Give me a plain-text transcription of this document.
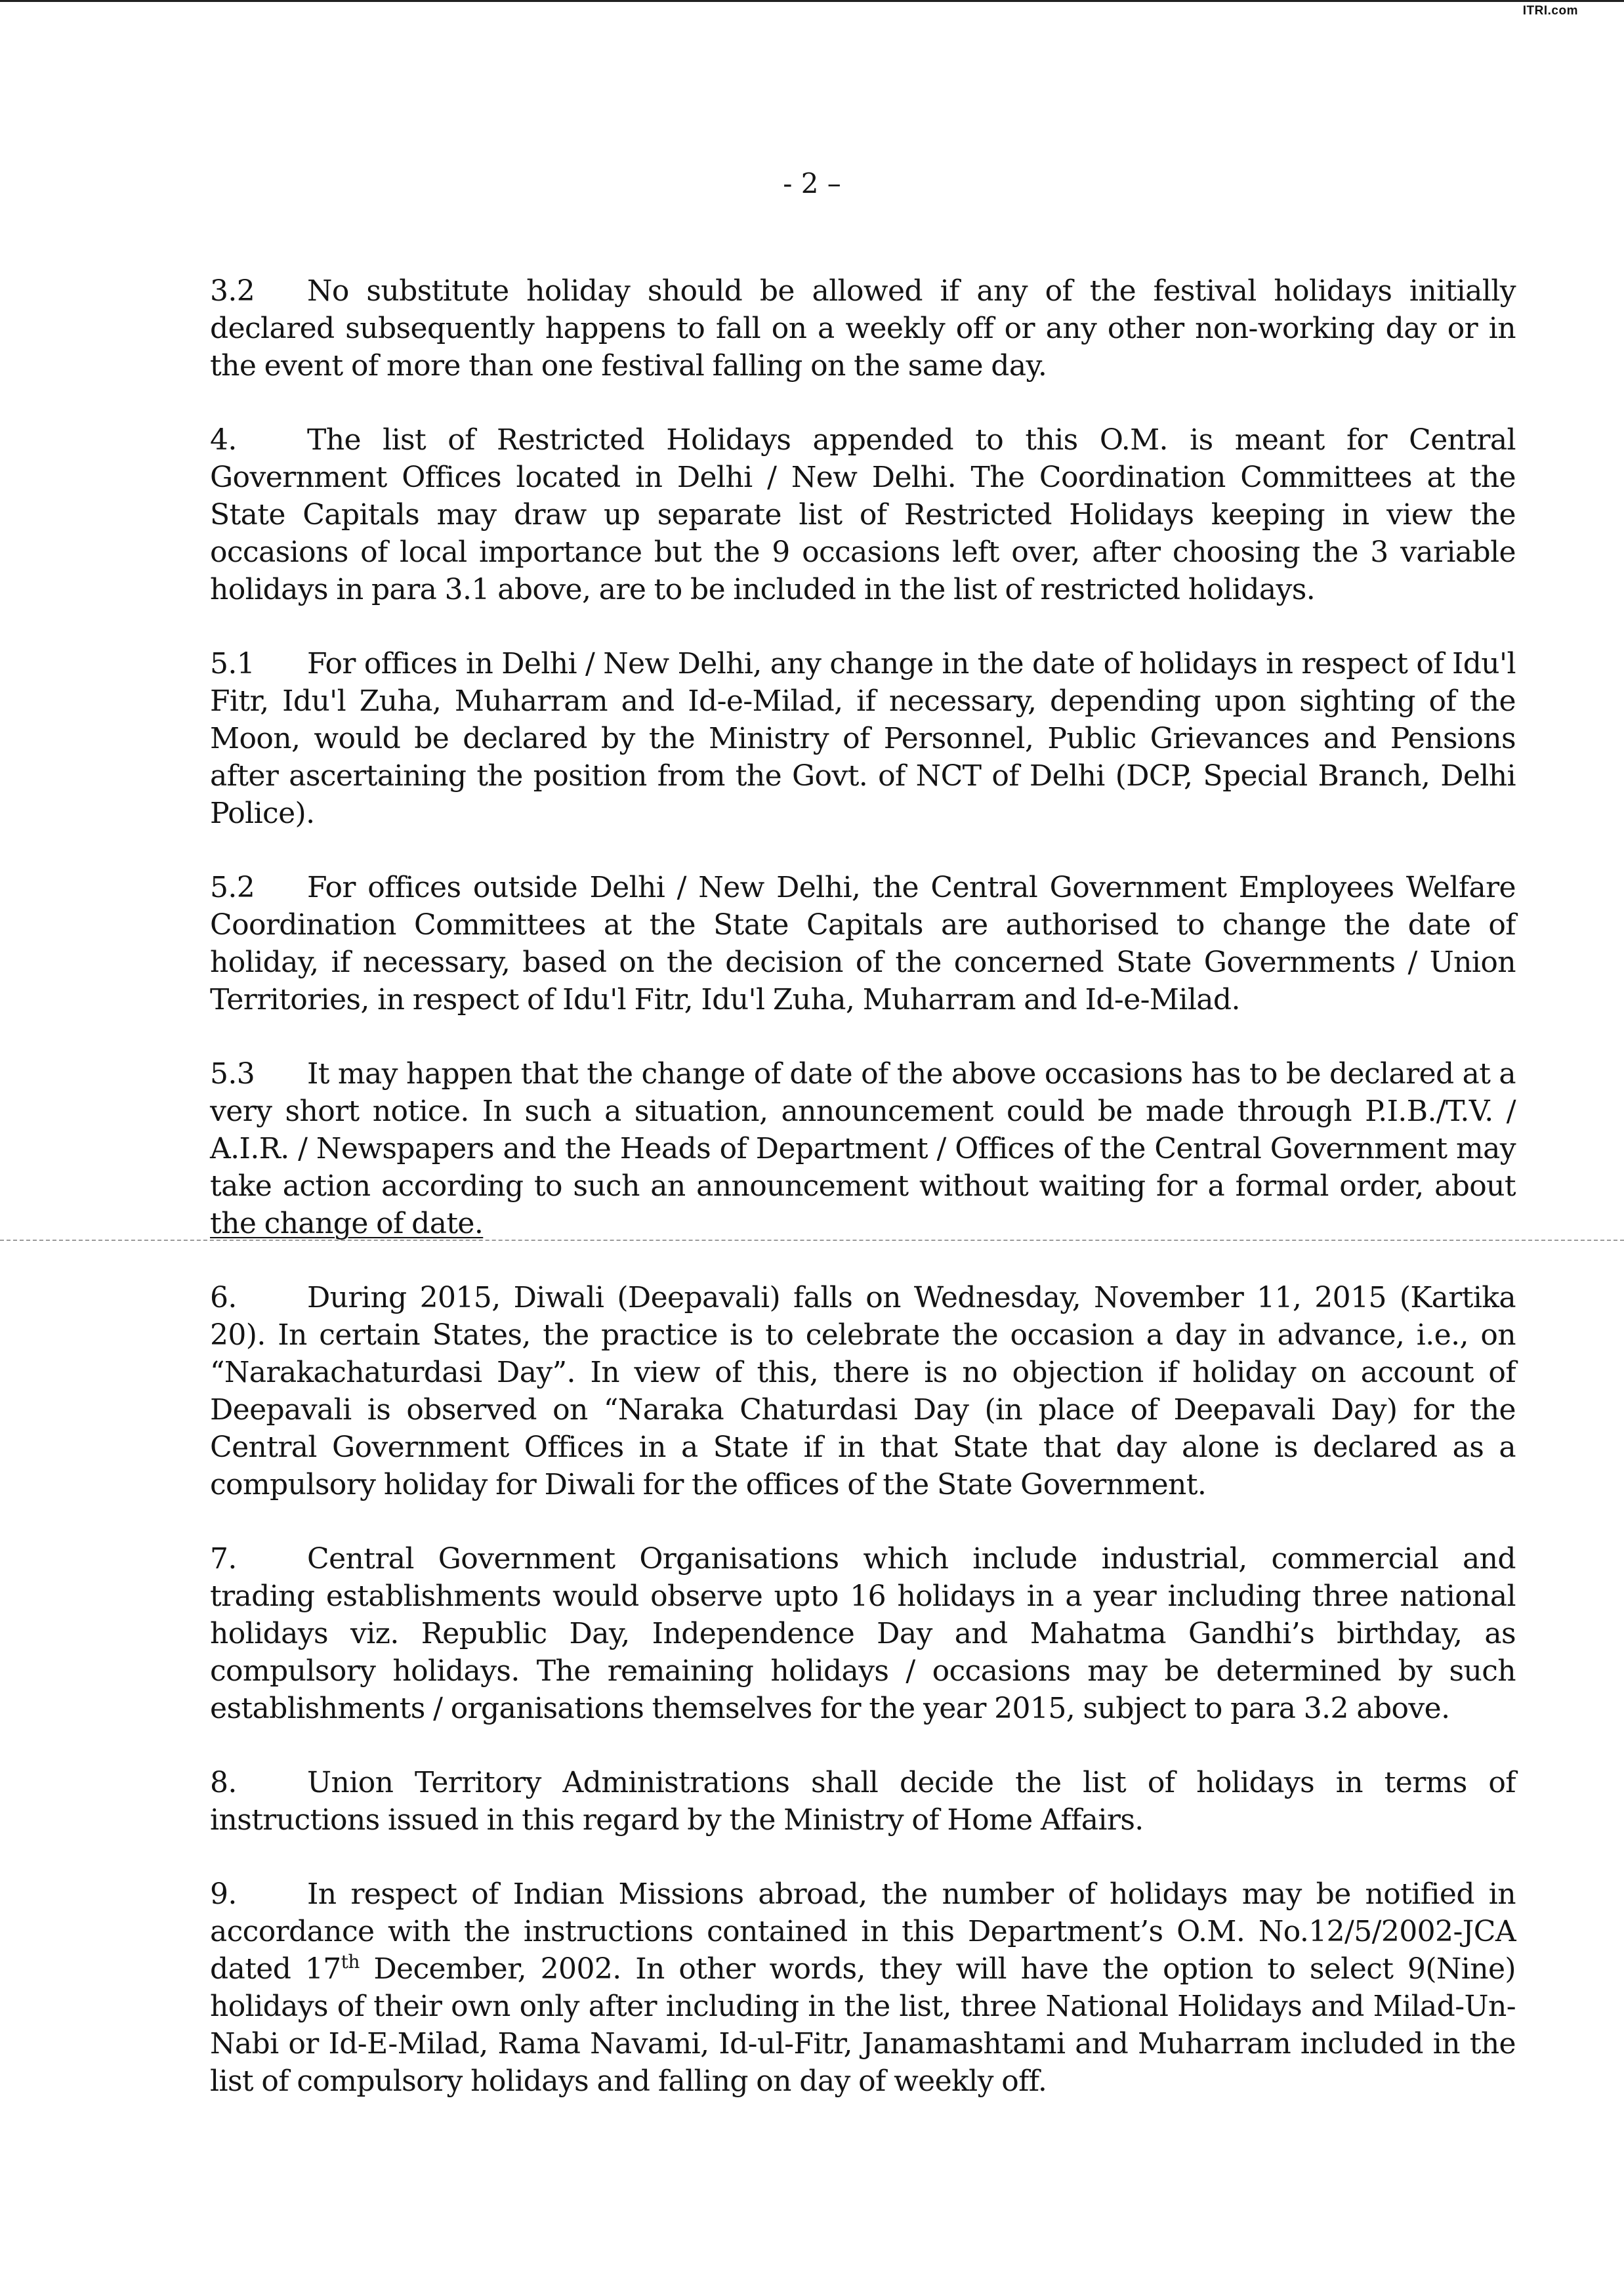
ITRI.com
- 2 –

3.2 No substitute holiday should be allowed if any of the festival holidays initially declared subsequently happens to fall on a weekly off or any other non-working day or in the event of more than one festival falling on the same day.

4. The list of Restricted Holidays appended to this O.M. is meant for Central Government Offices located in Delhi / New Delhi. The Coordination Committees at the State Capitals may draw up separate list of Restricted Holidays keeping in view the occasions of local importance but the 9 occasions left over, after choosing the 3 variable holidays in para 3.1 above, are to be included in the list of restricted holidays.

5.1 For offices in Delhi / New Delhi, any change in the date of holidays in respect of Idu'l Fitr, Idu'l Zuha, Muharram and Id-e-Milad, if necessary, depending upon sighting of the Moon, would be declared by the Ministry of Personnel, Public Grievances and Pensions after ascertaining the position from the Govt. of NCT of Delhi (DCP, Special Branch, Delhi Police).

5.2 For offices outside Delhi / New Delhi, the Central Government Employees Welfare Coordination Committees at the State Capitals are authorised to change the date of holiday, if necessary, based on the decision of the concerned State Governments / Union Territories, in respect of Idu'l Fitr, Idu'l Zuha, Muharram and Id-e-Milad.

5.3 It may happen that the change of date of the above occasions has to be declared at a very short notice. In such a situation, announcement could be made through P.I.B./T.V. / A.I.R. / Newspapers and the Heads of Department / Offices of the Central Government may take action according to such an announcement without waiting for a formal order, about the change of date.

6. During 2015, Diwali (Deepavali) falls on Wednesday, November 11, 2015 (Kartika 20). In certain States, the practice is to celebrate the occasion a day in advance, i.e., on “Narakachaturdasi Day”. In view of this, there is no objection if holiday on account of Deepavali is observed on “Naraka Chaturdasi Day (in place of Deepavali Day) for the Central Government Offices in a State if in that State that day alone is declared as a compulsory holiday for Diwali for the offices of the State Government.

7. Central Government Organisations which include industrial, commercial and trading establishments would observe upto 16 holidays in a year including three national holidays viz. Republic Day, Independence Day and Mahatma Gandhi’s birthday, as compulsory holidays. The remaining holidays / occasions may be determined by such establishments / organisations themselves for the year 2015, subject to para 3.2 above.

8. Union Territory Administrations shall decide the list of holidays in terms of instructions issued in this regard by the Ministry of Home Affairs.

9. In respect of Indian Missions abroad, the number of holidays may be notified in accordance with the instructions contained in this Department’s O.M. No.12/5/2002-JCA dated 17th December, 2002. In other words, they will have the option to select 9(Nine) holidays of their own only after including in the list, three National Holidays and Milad-Un-Nabi or Id-E-Milad, Rama Navami, Id-ul-Fitr, Janamashtami and Muharram included in the list of compulsory holidays and falling on day of weekly off.
